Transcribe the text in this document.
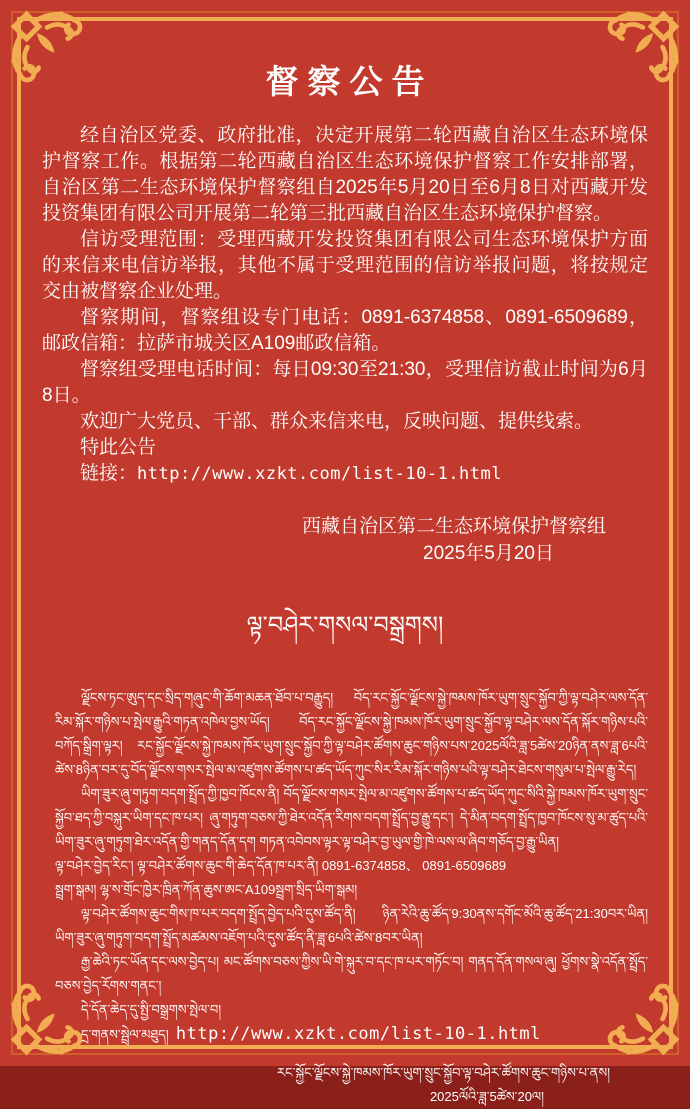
督察公告

经自治区党委、政府批准，决定开展第二轮西藏自治区生态环境保护督察工作。根据第二轮西藏自治区生态环境保护督察工作安排部署，自治区第二生态环境保护督察组自2025年5月20日至6月8日对西藏开发投资集团有限公司开展第二轮第三批西藏自治区生态环境保护督察。

信访受理范围：受理西藏开发投资集团有限公司生态环境保护方面的来信来电信访举报，其他不属于受理范围的信访举报问题，将按规定交由被督察企业处理。

督察期间，督察组设专门电话：0891-6374858、0891-6509689，邮政信箱：拉萨市城关区A109邮政信箱。

督察组受理电话时间：每日09:30至21:30，受理信访截止时间为6月8日。

欢迎广大党员、干部、群众来信来电，反映问题、提供线索。

特此公告

链接：http://www.xzkt.com/list-10-1.html

西藏自治区第二生态环境保护督察组
2025年5月20日
ལྟ་བཤེར་གསལ་བསྒྲགས།

ལྗོངས་ཏང་ཨུད་དང་སྲིད་གཞུང་གི་ཆོག་མཆན་ཐོབ་པ་བརྒྱུད། བོད་རང་སྐྱོང་ལྗོངས་སྐྱེ་ཁམས་ཁོར་ཡུག་སྲུང་སྐྱོབ་ཀྱི་ལྟ་བཤེར་ལས་དོན་རིམ་སྐོར་གཉིས་པ་སྤེལ་རྒྱུའི་གཏན་འཁེལ་བྱས་ཡོད། བོད་རང་སྐྱོང་ལྗོངས་སྐྱེ་ཁམས་ཁོར་ཡུག་སྲུང་སྐྱོབ་ལྟ་བཤེར་ལས་དོན་སྐོར་གཉིས་པའི་བཀོད་སྒྲིག་ལྟར། རང་སྐྱོང་ལྗོངས་སྐྱེ་ཁམས་ཁོར་ཡུག་སྲུང་སྐྱོབ་ཀྱི་ལྟ་བཤེར་ཚོགས་ཆུང་གཉིས་པས་2025ལོའི་ཟླ་5ཚེས་20ཉིན་ནས་ཟླ་6པའི་ཚེས་8ཉིན་བར་དུ་བོད་ལྗོངས་གསར་སྤེལ་མ་འཛུགས་ཚོགས་པ་ཚད་ཡོད་ཀུང་སིར་རིམ་སྐོར་གཉིས་པའི་ལྟ་བཤེར་ཐེངས་གསུམ་པ་སྤེལ་རྒྱུ་རེད།

ཡིག་ཟུར་ཞུ་གཏུག་བདག་སྤྲོད་ཀྱི་ཁྱབ་ཁོངས་ནི། བོད་ལྗོངས་གསར་སྤེལ་མ་འཛུགས་ཚོགས་པ་ཚད་ཡོད་ཀུང་སིའི་སྐྱེ་ཁམས་ཁོར་ཡུག་སྲུང་སྐྱོབ་ཐད་ཀྱི་བསྐུར་ཡིག་དང་ཁ་པར། ཞུ་གཏུག་བཅས་ཀྱི་ཐེར་འདོན་རིགས་བདག་སྤྲོད་བྱ་རྒྱུ་དང་། དེ་མིན་བདག་སྤྲོད་ཁྱབ་ཁོངས་སུ་མ་ཚུད་པའི་ཡིག་ཟུར་ཞུ་གཏུག་ཐེར་འདོན་གྱི་གནད་དོན་དག གཏན་འབེབས་ལྟར་ལྟ་བཤེར་བྱ་ཡུལ་གྱི་ཁེ་ལས་ལ་ཞིབ་གཅོད་བྱ་རྒྱུ་ཡིན།

ལྟ་བཤེར་བྱེད་རིང་། ལྟ་བཤེར་ཚོགས་ཆུང་གི་ཆེད་དོན་ཁ་པར་ནི། 0891-6374858、 0891-6509689

སྦྲག་སྒམ། ལྷ་ས་གྲོང་ཁྱེར་ཁྲིན་ཀོན་ཆུས་ཨང་A109སྦྲག་སྲིད་ཡིག་སྒམ།

ལྟ་བཤེར་ཚོགས་ཆུང་གིས་ཁ་པར་བདག་སྤྲོད་བྱེད་པའི་དུས་ཚོད་ནི། ཉིན་རེའི་ཆུ་ཚོད་9:30ནས་དགོང་མོའི་ཆུ་ཚོད་21:30བར་ཡིན། ཡིག་ཟུར་ཞུ་གཏུག་བདག་སྤྲོད་མཚམས་འཇོག་པའི་དུས་ཚོད་ནི་ཟླ་6པའི་ཚེས་8བར་ཡིན།

རྒྱ་ཆེའི་ཏང་ཡོན་དང་ལས་བྱེད་པ། མང་ཚོགས་བཅས་ཀྱིས་ཡི་གེ་སྐུར་བ་དང་ཁ་པར་གཏོང་བ། གནད་དོན་གསལ་ཞུ། ཕྱོགས་སྣེ་འདོན་སྤྲོད་བཅས་བྱེད་རོགས་གནང་།

དེ་དོན་ཆེད་དུ་སྤྱི་བསྒྲགས་སྤེལ་བ།

དྲ་གནས་སྦྲེལ་མཐུད། http://www.xzkt.com/list-10-1.html

རང་སྐྱོང་ལྗོངས་སྐྱེ་ཁམས་ཁོར་ཡུག་སྲུང་སྐྱོབ་ལྟ་བཤེར་ཚོགས་ཆུང་གཉིས་པ་ནས།
2025ལོའི་ཟླ་5ཚེས་20ལ།
